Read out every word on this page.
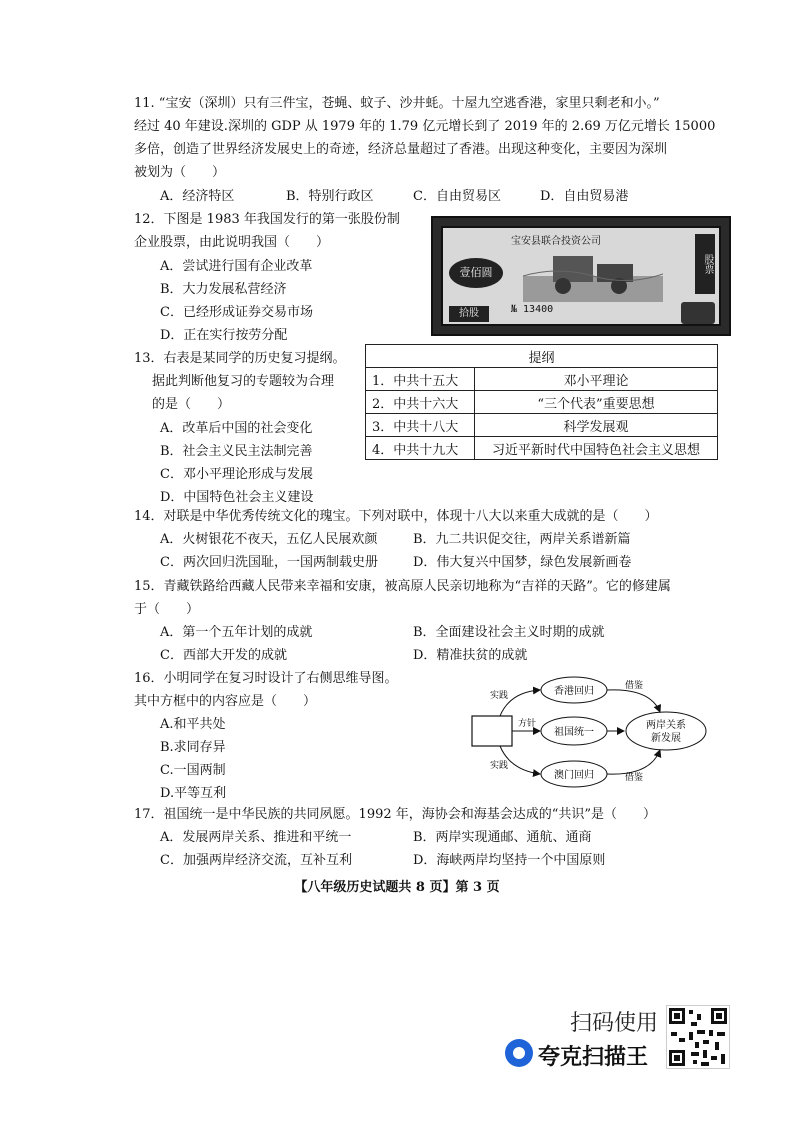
11. “宝安（深圳）只有三件宝，苍蝇、蚊子、沙井蚝。十屋九空逃香港，家里只剩老和小。”
经过 40 年建设.深圳的 GDP 从 1979 年的 1.79 亿元增长到了 2019 年的 2.69 万亿元增长 15000
多倍，创造了世界经济发展史上的奇迹，经济总量超过了香港。出现这种变化，主要因为深圳
被划为（　　）
A．经济特区	B．特别行政区	C．自由贸易区	D．自由贸易港
12．下图是 1983 年我国发行的第一张股份制
企业股票，由此说明我国（　　）
A．尝试进行国有企业改革
B．大力发展私营经济
C．已经形成证券交易市场
D．正在实行按劳分配
宝安县联合投资公司
壹佰圆
№ 13400
拾股
股票
13．右表是某同学的历史复习提纲。
据此判断他复习的专题较为合理
的是（　　）
A．改革后中国的社会变化
B．社会主义民主法制完善
C．邓小平理论形成与发展
D．中国特色社会主义建设
提纲	
1．中共十五大	邓小平理论
2．中共十六大	“三个代表”重要思想
3．中共十八大	科学发展观
4．中共十九大	习近平新时代中国特色社会主义思想
14．对联是中华优秀传统文化的瑰宝。下列对联中，体现十八大以来重大成就的是（　　）
A．火树银花不夜天，五亿人民展欢颜	B．九二共识促交往，两岸关系谱新篇
C．两次回归洗国耻，一国两制载史册	D．伟大复兴中国梦，绿色发展新画卷
15．青藏铁路给西藏人民带来幸福和安康，被高原人民亲切地称为“吉祥的天路”。它的修建属
于（　　）
A．第一个五年计划的成就	B．全面建设社会主义时期的成就
C．西部大开发的成就	D．精准扶贫的成就
16．小明同学在复习时设计了右侧思维导图。
其中方框中的内容应是（　　）
A.和平共处
B.求同存异
C.一国两制
D.平等互利
祖国统一
香港回归
澳门回归
两岸关系
新发展
方针
实践
实践
借鉴
借鉴
17．祖国统一是中华民族的共同夙愿。1992 年，海协会和海基会达成的“共识”是（　　）
A．发展两岸关系、推进和平统一	B．两岸实现通邮、通航、通商
C．加强两岸经济交流，互补互利	D．海峡两岸均坚持一个中国原则
【八年级历史试题共 8 页】第 3 页
扫码使用
夸克扫描王
